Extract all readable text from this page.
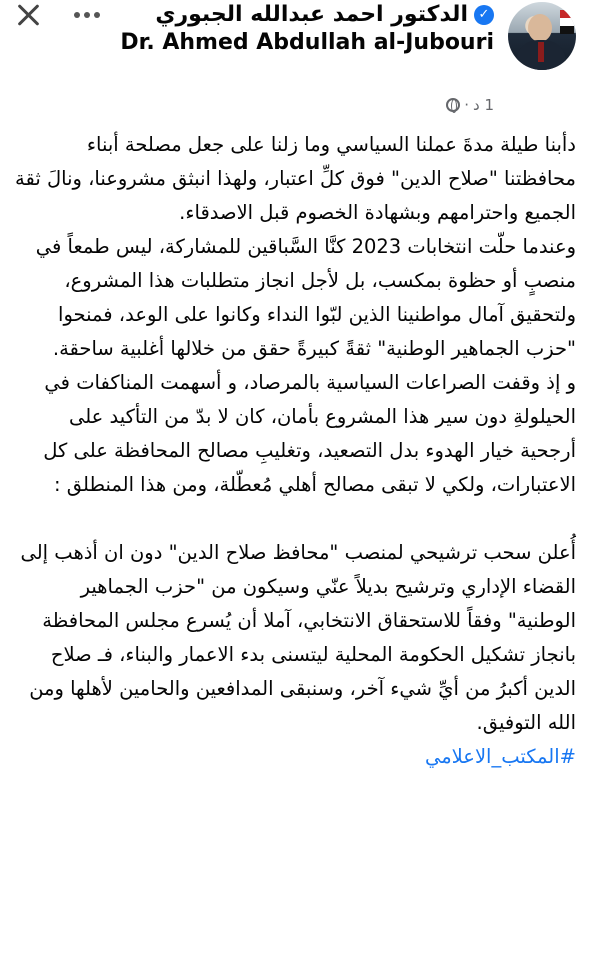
✓
الدكتور احمد عبدالله الجبوري
Dr. Ahmed Abdullah al-Jubouri
1 د
·

دأبنا طيلة مدةَ عملنا السياسي وما زلنا على جعل مصلحة أبناء محافظتنا "صلاح الدين" فوق كلِّ اعتبار، ولهذا انبثق مشروعنا، ونالَ ثقة الجميع واحترامهم وبشهادة الخصوم قبل الاصدقاء.

وعندما حلّت انتخابات 2023 كنَّا السَّباقين للمشاركة، ليس طمعاً في منصبٍ أو حظوة بمكسب، بل لأجل انجاز متطلبات هذا المشروع، ولتحقيق آمال مواطنينا الذين لبّوا النداء وكانوا على الوعد، فمنحوا "حزب الجماهير الوطنية" ثقةً كبيرةً حقق من خلالها أغلبية ساحقة.

و إذ وقفت الصراعات السياسية بالمرصاد، و أسهمت المناكفات في الحيلولةِ دون سير هذا المشروع بأمان، كان لا بدّ من التأكيد على أرجحية خيار الهدوء بدل التصعيد، وتغليبِ مصالح المحافظة على كل الاعتبارات، ولكي لا تبقى مصالح أهلي مُعطّلة، ومن هذا المنطلق :

أُعلن سحب ترشيحي لمنصب "محافظ صلاح الدين" دون ان أذهب إلى القضاء الإداري وترشيح بديلاً عنّي وسيكون من "حزب الجماهير الوطنية" وفقاً للاستحقاق الانتخابي، آملا أن يُسرع مجلس المحافظة بانجاز تشكيل الحكومة المحلية ليتسنى بدء الاعمار والبناء، فـ صلاح الدين أكبرُ من أيِّ شيء آخر، وسنبقى المدافعين والحامين لأهلها ومن الله التوفيق.

#المكتب_الاعلامي
